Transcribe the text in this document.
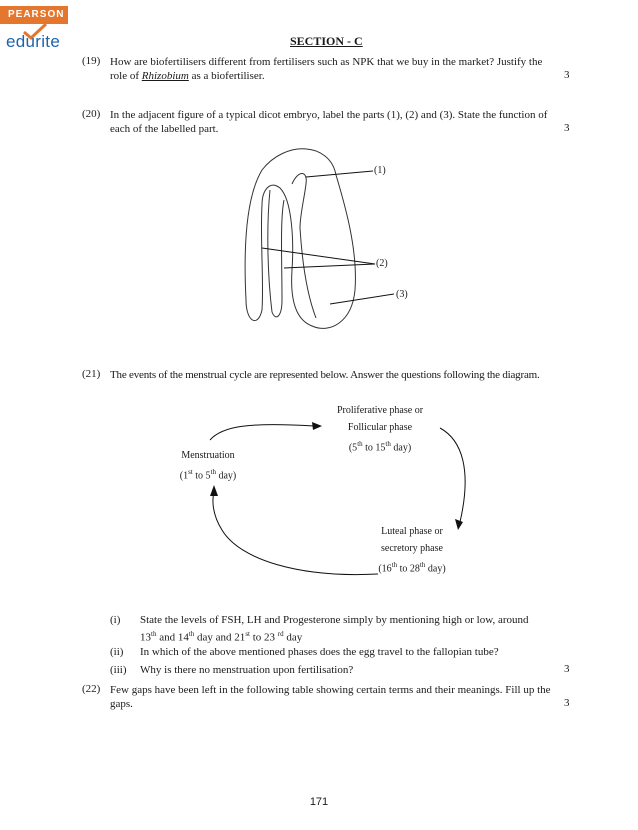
PEARSON
edurite	SECTION - C
(19) How are biofertilisers different from fertilisers such as NPK that we buy in the market? Justify the
role of Rhizobium as a biofertiliser.	3
(20) In the adjacent figure of a typical dicot embryo, label the parts (1), (2) and (3). State the function of
each of the labelled part.	3
(1)
(2)
(3)
(21) The events of the menstrual cycle are represented below. Answer the questions following the diagram.
Proliferative phase or
Follicular phase
(5th to 15th day)
Menstruation
(1st to 5th day)
Luteal phase or
secretory phase
(16th to 28th day)
(i) State the levels of FSH, LH and Progesterone simply by mentioning high or low, around
13th and 14th day and 21st to 23 $^{rd}$ day
(ii) In which of the above mentioned phases does the egg travel to the fallopian tube?
(iii) Why is there no menstruation upon fertilisation?	3
(22) Few gaps have been left in the following table showing certain terms and their meanings. Fill up the
gaps.	3
171
